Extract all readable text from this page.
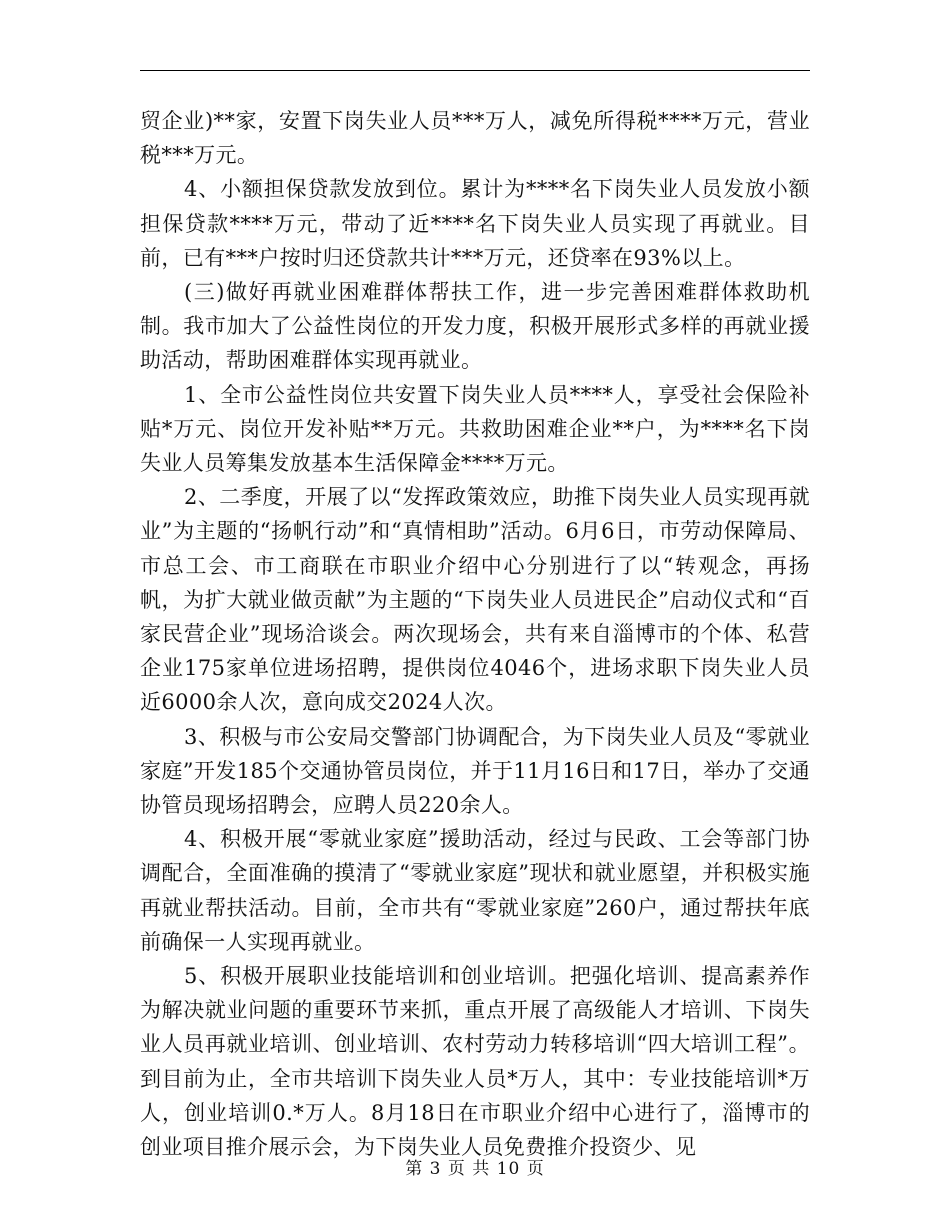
贸企业)**家，安置下岗失业人员***万人，减免所得税****万元，营业税***万元。

4、小额担保贷款发放到位。累计为****名下岗失业人员发放小额担保贷款****万元，带动了近****名下岗失业人员实现了再就业。目前，已有***户按时归还贷款共计***万元，还贷率在93%以上。

(三)做好再就业困难群体帮扶工作，进一步完善困难群体救助机制。我市加大了公益性岗位的开发力度，积极开展形式多样的再就业援助活动，帮助困难群体实现再就业。

1、全市公益性岗位共安置下岗失业人员****人，享受社会保险补贴*万元、岗位开发补贴**万元。共救助困难企业**户，为****名下岗失业人员筹集发放基本生活保障金****万元。

2、二季度，开展了以“发挥政策效应，助推下岗失业人员实现再就业”为主题的“扬帆行动”和“真情相助”活动。6月6日，市劳动保障局、市总工会、市工商联在市职业介绍中心分别进行了以“转观念，再扬帆，为扩大就业做贡献”为主题的“下岗失业人员进民企”启动仪式和“百家民营企业”现场洽谈会。两次现场会，共有来自淄博市的个体、私营企业175家单位进场招聘，提供岗位4046个，进场求职下岗失业人员近6000余人次，意向成交2024人次。

3、积极与市公安局交警部门协调配合，为下岗失业人员及“零就业家庭”开发185个交通协管员岗位，并于11月16日和17日，举办了交通协管员现场招聘会，应聘人员220余人。

4、积极开展“零就业家庭”援助活动，经过与民政、工会等部门协调配合，全面准确的摸清了“零就业家庭”现状和就业愿望，并积极实施再就业帮扶活动。目前，全市共有“零就业家庭”260户，通过帮扶年底前确保一人实现再就业。

5、积极开展职业技能培训和创业培训。把强化培训、提高素养作为解决就业问题的重要环节来抓，重点开展了高级能人才培训、下岗失业人员再就业培训、创业培训、农村劳动力转移培训“四大培训工程”。到目前为止，全市共培训下岗失业人员*万人，其中：专业技能培训*万人，创业培训0.*万人。8月18日在市职业介绍中心进行了，淄博市的创业项目推介展示会，为下岗失业人员免费推介投资少、见

第 3 页 共 10 页
